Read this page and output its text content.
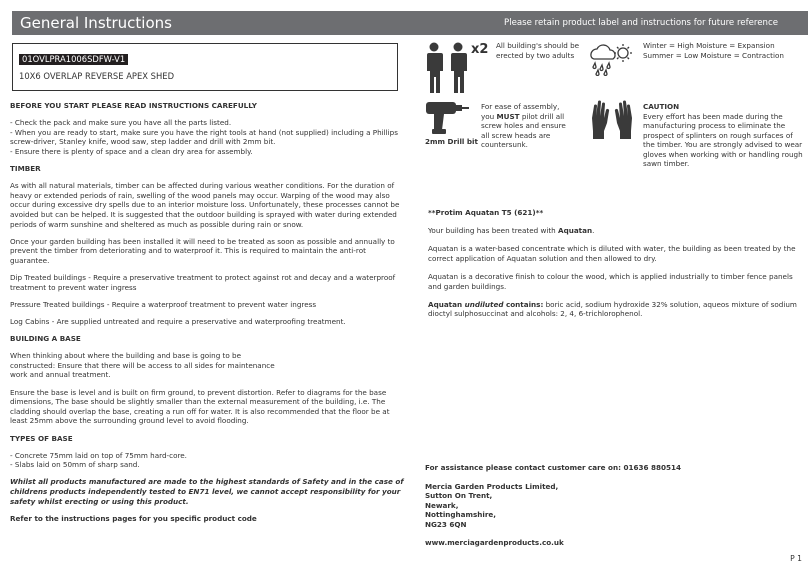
General Instructions	Please retain product label and instructions for future reference
01OVLPRA1006SDFW-V1
10X6 OVERLAP REVERSE APEX SHED

BEFORE YOU START PLEASE READ INSTRUCTIONS CAREFULLY

- Check the pack and make sure you have all the parts listed.
- When you are ready to start, make sure you have the right tools at hand (not supplied) including a Phillips screw-driver, Stanley knife, wood saw, step ladder and drill with 2mm bit.
- Ensure there is plenty of space and a clean dry area for assembly.

TIMBER

As with all natural materials, timber can be affected during various weather conditions. For the duration of heavy or extended periods of rain, swelling of the wood panels may occur. Warping of the wood may also occur during excessive dry spells due to an interior moisture loss. Unfortunately, these processes cannot be avoided but can be helped. It is suggested that the outdoor building is sprayed with water during extended periods of warm sunshine and sheltered as much as possible during rain or snow.

Once your garden building has been installed it will need to be treated as soon as possible and annually to prevent the timber from deteriorating and to waterproof it. This is required to maintain the anti-rot guarantee.

Dip Treated buildings - Require a preservative treatment to protect against rot and decay and a waterproof treatment to prevent water ingress

Pressure Treated buildings - Require a waterproof treatment to prevent water ingress

Log Cabins - Are supplied untreated and require a preservative and waterproofing treatment.

BUILDING A BASE

When thinking about where the building and base is going to be constructed: Ensure that there will be access to all sides for maintenance work and annual treatment.

Ensure the base is level and is built on firm ground, to prevent distortion. Refer to diagrams for the base dimensions, The base should be slightly smaller than the external measurement of the building, i.e. The cladding should overlap the base, creating a run off for water. It is also recommended that the floor be at least 25mm above the surrounding ground level to avoid flooding.

TYPES OF BASE

- Concrete 75mm laid on top of 75mm hard-core.
- Slabs laid on 50mm of sharp sand.

Whilst all products manufactured are made to the highest standards of Safety and in the case of childrens products independently tested to EN71 level, we cannot accept responsibility for your safety whilst erecting or using this product.

Refer to the instructions pages for you specific product code

x2 All building's should be erected by two adults
Winter = High Moisture = Expansion
Summer = Low Moisture = Contraction
2mm Drill bit
For ease of assembly, you MUST pilot drill all screw holes and ensure all screw heads are countersunk.
CAUTION
Every effort has been made during the manufacturing process to eliminate the prospect of splinters on rough surfaces of the timber. You are strongly advised to wear gloves when working with or handling rough sawn timber.

**Protim Aquatan T5 (621)**

Your building has been treated with Aquatan.

Aquatan is a water-based concentrate which is diluted with water, the building as been treated by the correct application of Aquatan solution and then allowed to dry.

Aquatan is a decorative finish to colour the wood, which is applied industrially to timber fence panels and garden buildings.

Aquatan undiluted contains: boric acid, sodium hydroxide 32% solution, aqueos mixture of sodium dioctyl sulphosuccinat and alcohols: 2, 4, 6-trichlorophenol.

For assistance please contact customer care on: 01636 880514

Mercia Garden Products Limited,
Sutton On Trent,
Newark,
Nottinghamshire,
NG23 6QN

www.merciagardenproducts.co.uk

P 1
